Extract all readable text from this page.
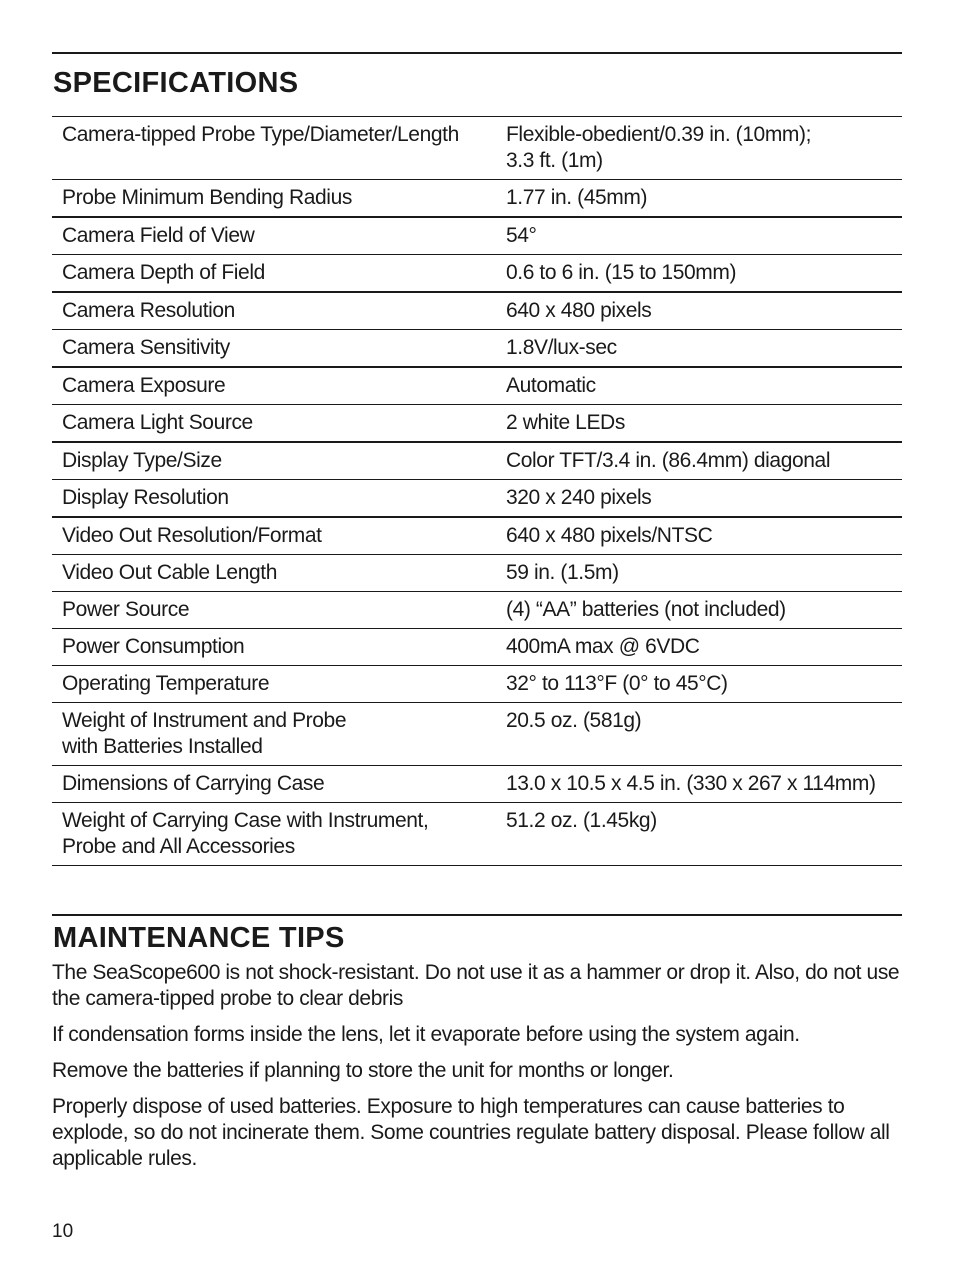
SPECIFICATIONS
Camera-tipped Probe Type/Diameter/Length	Flexible-obedient/0.39 in. (10mm);
3.3 ft. (1m)
Probe Minimum Bending Radius	1.77 in. (45mm)
Camera Field of View	54°
Camera Depth of Field	0.6 to 6 in. (15 to 150mm)
Camera Resolution	640 x 480 pixels
Camera Sensitivity	1.8V/lux-sec
Camera Exposure	Automatic
Camera Light Source	2 white LEDs
Display Type/Size	Color TFT/3.4 in. (86.4mm) diagonal
Display Resolution	320 x 240 pixels
Video Out Resolution/Format	640 x 480 pixels/NTSC
Video Out Cable Length	59 in. (1.5m)
Power Source	(4) “AA” batteries (not included)
Power Consumption	400mA max @ 6VDC
Operating Temperature	32° to 113°F (0° to 45°C)
Weight of Instrument and Probe
with Batteries Installed	20.5 oz. (581g)
Dimensions of Carrying Case	13.0 x 10.5 x 4.5 in. (330 x 267 x 114mm)
Weight of Carrying Case with Instrument,
Probe and All Accessories	51.2 oz. (1.45kg)
MAINTENANCE TIPS

The SeaScope600 is not shock-resistant. Do not use it as a hammer or drop it. Also, do not use the camera-tipped probe to clear debris

If condensation forms inside the lens, let it evaporate before using the system again.

Remove the batteries if planning to store the unit for months or longer.

Properly dispose of used batteries. Exposure to high temperatures can cause batteries to explode, so do not incinerate them. Some countries regulate battery disposal. Please follow all applicable rules.

10
